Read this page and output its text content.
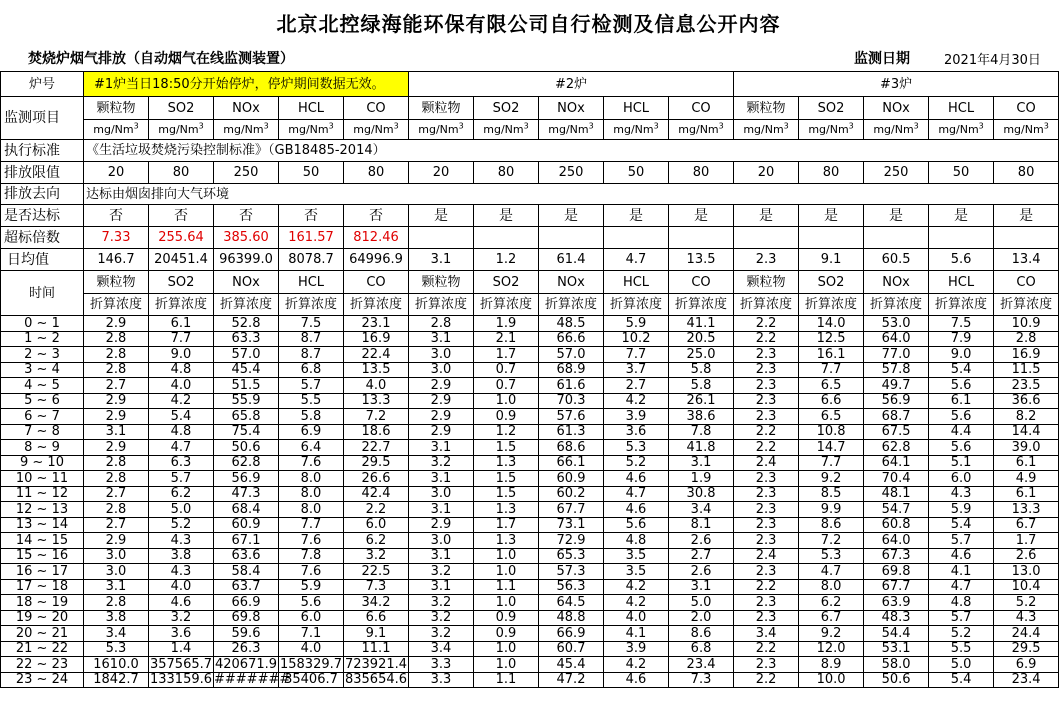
北京北控绿海能环保有限公司自行检测及信息公开内容
焚烧炉烟气排放（自动烟气在线监测装置）	监测日期	2021年4月30日
炉号	#1炉当日18:50分开始停炉，停炉期间数据无效。					#2炉					#3炉				
监测项目	颗粒物	SO2	NOx	HCL	CO	颗粒物	SO2	NOx	HCL	CO	颗粒物	SO2	NOx	HCL	CO
	mg/Nm$^3$	mg/Nm$^3$	mg/Nm$^3$	mg/Nm$^3$	mg/Nm$^3$	mg/Nm$^3$	mg/Nm$^3$	mg/Nm$^3$	mg/Nm$^3$	mg/Nm$^3$	mg/Nm$^3$	mg/Nm$^3$	mg/Nm$^3$	mg/Nm$^3$	mg/Nm$^3$
执行标准	《生活垃圾焚烧污染控制标准》（GB18485-2014）														
排放限值	20	80	250	50	80	20	80	250	50	80	20	80	250	50	80
排放去向	达标由烟囱排向大气环境														
是否达标	否	否	否	否	否	是	是	是	是	是	是	是	是	是	是
超标倍数	7.33	255.64	385.60	161.57	812.46										
日均值	146.7	20451.4	96399.0	8078.7	64996.9	3.1	1.2	61.4	4.7	13.5	2.3	9.1	60.5	5.6	13.4
时间	颗粒物	SO2	NOx	HCL	CO	颗粒物	SO2	NOx	HCL	CO	颗粒物	SO2	NOx	HCL	CO
	折算浓度	折算浓度	折算浓度	折算浓度	折算浓度	折算浓度	折算浓度	折算浓度	折算浓度	折算浓度	折算浓度	折算浓度	折算浓度	折算浓度	折算浓度
0 ~ 1	2.9	6.1	52.8	7.5	23.1	2.8	1.9	48.5	5.9	41.1	2.2	14.0	53.0	7.5	10.9
1 ~ 2	2.8	7.7	63.3	8.7	16.9	3.1	2.1	66.6	10.2	20.5	2.2	12.5	64.0	7.9	2.8
2 ~ 3	2.8	9.0	57.0	8.7	22.4	3.0	1.7	57.0	7.7	25.0	2.3	16.1	77.0	9.0	16.9
3 ~ 4	2.8	4.8	45.4	6.8	13.5	3.0	0.7	68.9	3.7	5.8	2.3	7.7	57.8	5.4	11.5
4 ~ 5	2.7	4.0	51.5	5.7	4.0	2.9	0.7	61.6	2.7	5.8	2.3	6.5	49.7	5.6	23.5
5 ~ 6	2.9	4.2	55.9	5.5	13.3	2.9	1.0	70.3	4.2	26.1	2.3	6.6	56.9	6.1	36.6
6 ~ 7	2.9	5.4	65.8	5.8	7.2	2.9	0.9	57.6	3.9	38.6	2.3	6.5	68.7	5.6	8.2
7 ~ 8	3.1	4.8	75.4	6.9	18.6	2.9	1.2	61.3	3.6	7.8	2.2	10.8	67.5	4.4	14.4
8 ~ 9	2.9	4.7	50.6	6.4	22.7	3.1	1.5	68.6	5.3	41.8	2.2	14.7	62.8	5.6	39.0
9 ~ 10	2.8	6.3	62.8	7.6	29.5	3.2	1.3	66.1	5.2	3.1	2.4	7.7	64.1	5.1	6.1
10 ~ 11	2.8	5.7	56.9	8.0	26.6	3.1	1.5	60.9	4.6	1.9	2.3	9.2	70.4	6.0	4.9
11 ~ 12	2.7	6.2	47.3	8.0	42.4	3.0	1.5	60.2	4.7	30.8	2.3	8.5	48.1	4.3	6.1
12 ~ 13	2.8	5.0	68.4	8.0	2.2	3.1	1.3	67.7	4.6	3.4	2.3	9.9	54.7	5.9	13.3
13 ~ 14	2.7	5.2	60.9	7.7	6.0	2.9	1.7	73.1	5.6	8.1	2.3	8.6	60.8	5.4	6.7
14 ~ 15	2.9	4.3	67.1	7.6	6.2	3.0	1.3	72.9	4.8	2.6	2.3	7.2	64.0	5.7	1.7
15 ~ 16	3.0	3.8	63.6	7.8	3.2	3.1	1.0	65.3	3.5	2.7	2.4	5.3	67.3	4.6	2.6
16 ~ 17	3.0	4.3	58.4	7.6	22.5	3.2	1.0	57.3	3.5	2.6	2.3	4.7	69.8	4.1	13.0
17 ~ 18	3.1	4.0	63.7	5.9	7.3	3.1	1.1	56.3	4.2	3.1	2.2	8.0	67.7	4.7	10.4
18 ~ 19	2.8	4.6	66.9	5.6	34.2	3.2	1.0	64.5	4.2	5.0	2.3	6.2	63.9	4.8	5.2
19 ~ 20	3.8	3.2	69.8	6.0	6.6	3.2	0.9	48.8	4.0	2.0	2.3	6.7	48.3	5.7	4.3
20 ~ 21	3.4	3.6	59.6	7.1	9.1	3.2	0.9	66.9	4.1	8.6	3.4	9.2	54.4	5.2	24.4
21 ~ 22	5.3	1.4	26.3	4.0	11.1	3.4	1.0	60.7	3.9	6.8	2.2	12.0	53.1	5.5	29.5
22 ~ 23	1610.0	357565.7	420671.9	158329.7	723921.4	3.3	1.0	45.4	4.2	23.4	2.3	8.9	58.0	5.0	6.9
23 ~ 24	1842.7	133159.6	#######	35406.7	835654.6	3.3	1.1	47.2	4.6	7.3	2.2	10.0	50.6	5.4	23.4
